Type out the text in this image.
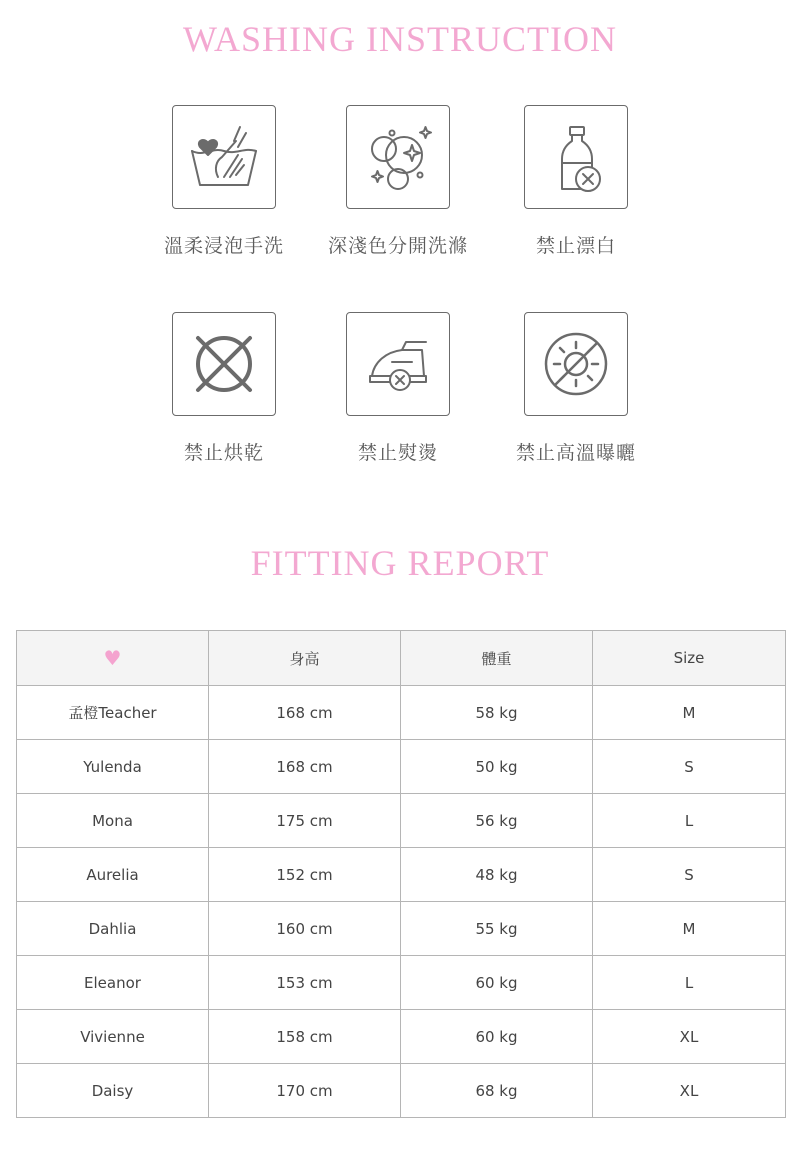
WASHING INSTRUCTION
溫柔浸泡手洗	深淺色分開洗滌	禁止漂白
禁止烘乾	禁止熨燙	禁止高溫曝曬
FITTING REPORT
♥	身高	體重	Size
孟橙Teacher	168 cm	58 kg	M
Yulenda	168 cm	50 kg	S
Mona	175 cm	56 kg	L
Aurelia	152 cm	48 kg	S
Dahlia	160 cm	55 kg	M
Eleanor	153 cm	60 kg	L
Vivienne	158 cm	60 kg	XL
Daisy	170 cm	68 kg	XL
